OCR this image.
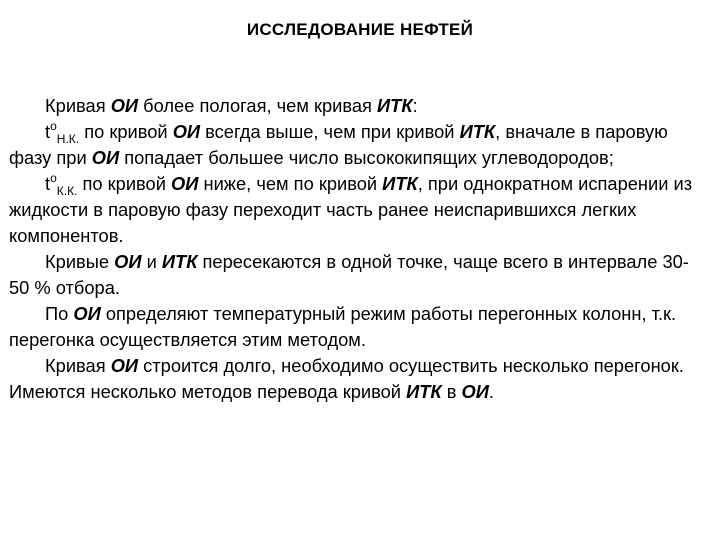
ИССЛЕДОВАНИЕ НЕФТЕЙ

Кривая ОИ более пологая, чем кривая ИТК:

$t^o_{Н.К.}$ по кривой ОИ всегда выше, чем при кривой ИТК, вначале в паровую фазу при ОИ попадает большее число высококипящих углеводородов;

$t^o_{К.К.}$ по кривой ОИ ниже, чем по кривой ИТК, при однократном испарении из жидкости в паровую фазу переходит часть ранее неиспарившихся легких компонентов.

Кривые ОИ и ИТК пересекаются в одной точке, чаще всего в интервале 30-50 % отбора.

По ОИ определяют температурный режим работы перегонных колонн, т.к. перегонка осуществляется этим методом.

Кривая ОИ строится долго, необходимо осуществить несколько перегонок. Имеются несколько методов перевода кривой ИТК в ОИ.
